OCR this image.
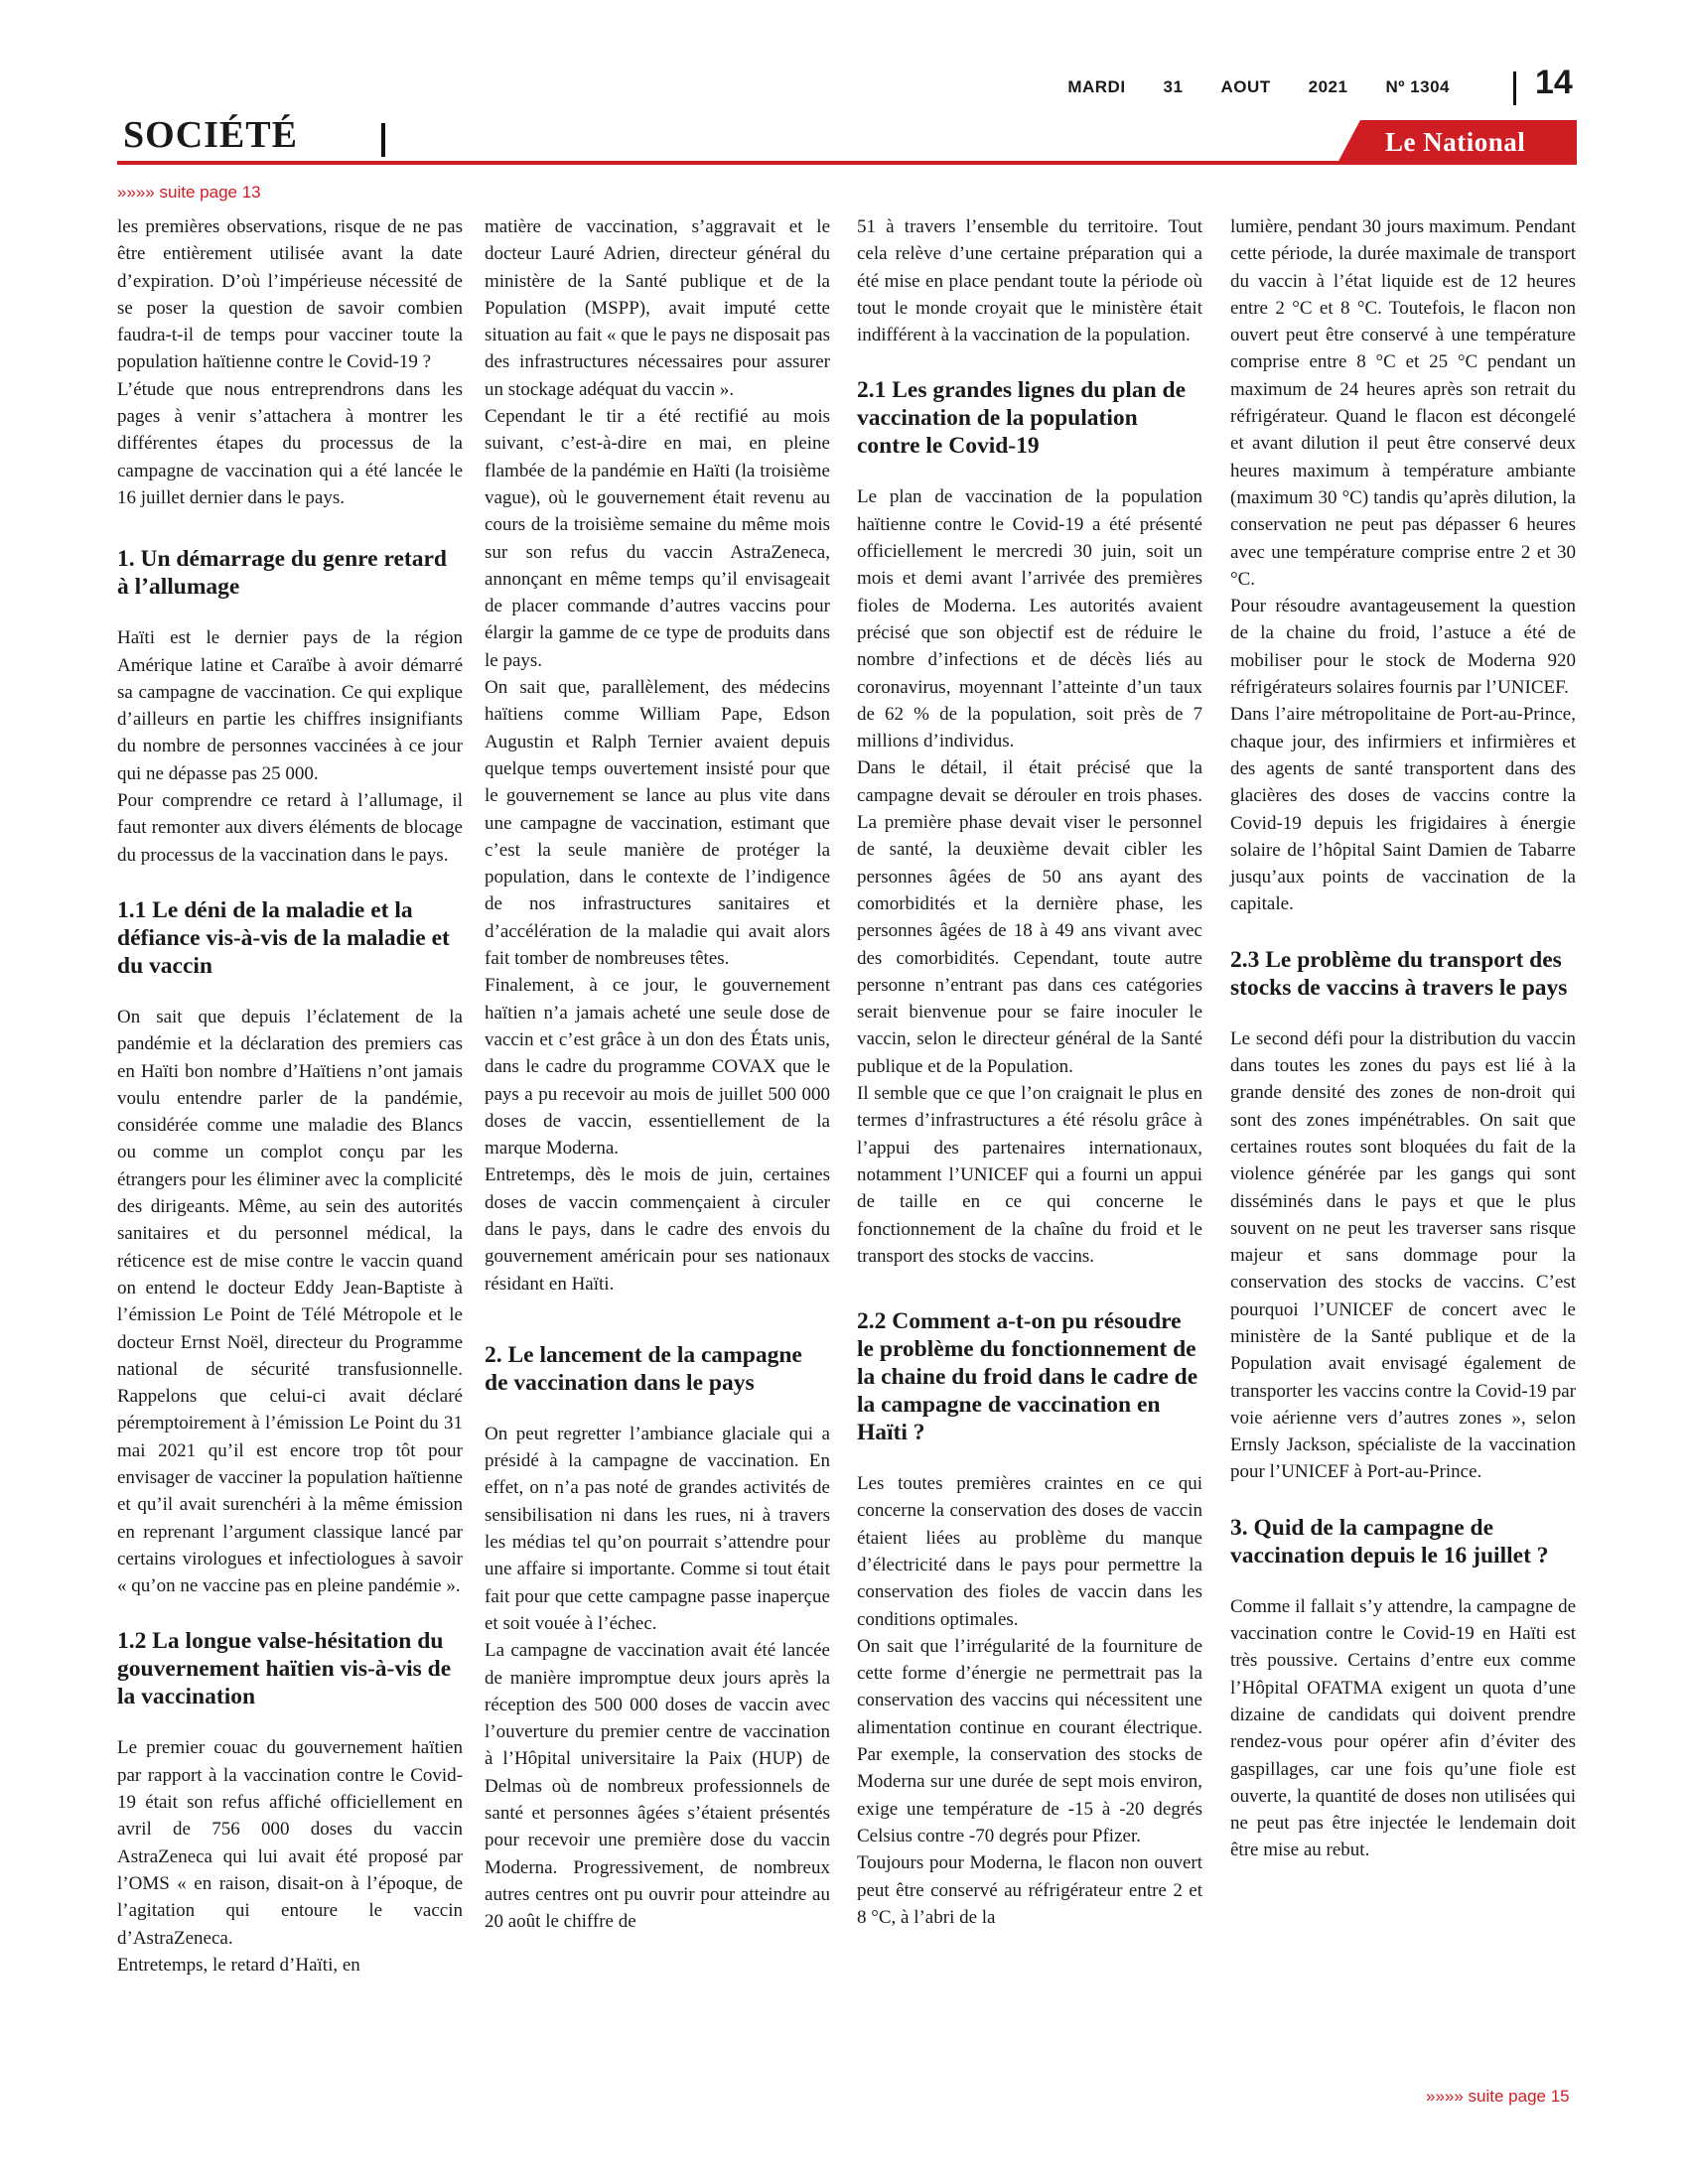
MARDI 31 AOUT 2021 Nº 1304	14
SOCIÉTÉ	Le National
»»»» suite page 13

les premières observations, risque de ne pas être entièrement utilisée avant la date d’expiration. D’où l’impérieuse nécessité de se poser la question de savoir combien faudra-t-il de temps pour vacciner toute la population haïtienne contre le Covid-19 ?

L’étude que nous entreprendrons dans les pages à venir s’attachera à montrer les différentes étapes du processus de la campagne de vaccination qui a été lancée le 16 juillet dernier dans le pays.

1. Un démarrage du genre retard à l’allumage

Haïti est le dernier pays de la région Amérique latine et Caraïbe à avoir démarré sa campagne de vaccination. Ce qui explique d’ailleurs en partie les chiffres insignifiants du nombre de personnes vaccinées à ce jour qui ne dépasse pas 25 000.

Pour comprendre ce retard à l’allumage, il faut remonter aux divers éléments de blocage du processus de la vaccination dans le pays.

1.1 Le déni de la maladie et la défiance vis-à-vis de la maladie et du vaccin

On sait que depuis l’éclatement de la pandémie et la déclaration des premiers cas en Haïti bon nombre d’Haïtiens n’ont jamais voulu entendre parler de la pandémie, considérée comme une maladie des Blancs ou comme un complot conçu par les étrangers pour les éliminer avec la complicité des dirigeants. Même, au sein des autorités sanitaires et du personnel médical, la réticence est de mise contre le vaccin quand on entend le docteur Eddy Jean-Baptiste à l’émission Le Point de Télé Métropole et le docteur Ernst Noël, directeur du Programme national de sécurité transfusionnelle. Rappelons que celui-ci avait déclaré péremptoirement à l’émission Le Point du 31 mai 2021 qu’il est encore trop tôt pour envisager de vacciner la population haïtienne et qu’il avait surenchéri à la même émission en reprenant l’argument classique lancé par certains virologues et infectiologues à savoir « qu’on ne vaccine pas en pleine pandémie ».

1.2 La longue valse-hésitation du gouvernement haïtien vis-à-vis de la vaccination

Le premier couac du gouvernement haïtien par rapport à la vaccination contre le Covid-19 était son refus affiché officiellement en avril de 756 000 doses du vaccin AstraZeneca qui lui avait été proposé par l’OMS « en raison, disait-on à l’époque, de l’agitation qui entoure le vaccin d’AstraZeneca.

Entretemps, le retard d’Haïti, en

matière de vaccination, s’aggravait et le docteur Lauré Adrien, directeur général du ministère de la Santé publique et de la Population (MSPP), avait imputé cette situation au fait « que le pays ne disposait pas des infrastructures nécessaires pour assurer un stockage adéquat du vaccin ».

Cependant le tir a été rectifié au mois suivant, c’est-à-dire en mai, en pleine flambée de la pandémie en Haïti (la troisième vague), où le gouvernement était revenu au cours de la troisième semaine du même mois sur son refus du vaccin AstraZeneca, annonçant en même temps qu’il envisageait de placer commande d’autres vaccins pour élargir la gamme de ce type de produits dans le pays.

On sait que, parallèlement, des médecins haïtiens comme William Pape, Edson Augustin et Ralph Ternier avaient depuis quelque temps ouvertement insisté pour que le gouvernement se lance au plus vite dans une campagne de vaccination, estimant que c’est la seule manière de protéger la population, dans le contexte de l’indigence de nos infrastructures sanitaires et d’accélération de la maladie qui avait alors fait tomber de nombreuses têtes.

Finalement, à ce jour, le gouvernement haïtien n’a jamais acheté une seule dose de vaccin et c’est grâce à un don des États unis, dans le cadre du programme COVAX que le pays a pu recevoir au mois de juillet 500 000 doses de vaccin, essentiellement de la marque Moderna.

Entretemps, dès le mois de juin, certaines doses de vaccin commençaient à circuler dans le pays, dans le cadre des envois du gouvernement américain pour ses nationaux résidant en Haïti.

2. Le lancement de la campagne de vaccination dans le pays

On peut regretter l’ambiance glaciale qui a présidé à la campagne de vaccination. En effet, on n’a pas noté de grandes activités de sensibilisation ni dans les rues, ni à travers les médias tel qu’on pourrait s’attendre pour une affaire si importante. Comme si tout était fait pour que cette campagne passe inaperçue et soit vouée à l’échec.

La campagne de vaccination avait été lancée de manière impromptue deux jours après la réception des 500 000 doses de vaccin avec l’ouverture du premier centre de vaccination à l’Hôpital universitaire la Paix (HUP) de Delmas où de nombreux professionnels de santé et personnes âgées s’étaient présentés pour recevoir une première dose du vaccin Moderna. Progressivement, de nombreux autres centres ont pu ouvrir pour atteindre au 20 août le chiffre de

51 à travers l’ensemble du territoire. Tout cela relève d’une certaine préparation qui a été mise en place pendant toute la période où tout le monde croyait que le ministère était indifférent à la vaccination de la population.

2.1 Les grandes lignes du plan de vaccination de la population contre le Covid-19

Le plan de vaccination de la population haïtienne contre le Covid-19 a été présenté officiellement le mercredi 30 juin, soit un mois et demi avant l’arrivée des premières fioles de Moderna. Les autorités avaient précisé que son objectif est de réduire le nombre d’infections et de décès liés au coronavirus, moyennant l’atteinte d’un taux de 62 % de la population, soit près de 7 millions d’individus.

Dans le détail, il était précisé que la campagne devait se dérouler en trois phases. La première phase devait viser le personnel de santé, la deuxième devait cibler les personnes âgées de 50 ans ayant des comorbidités et la dernière phase, les personnes âgées de 18 à 49 ans vivant avec des comorbidités. Cependant, toute autre personne n’entrant pas dans ces catégories serait bienvenue pour se faire inoculer le vaccin, selon le directeur général de la Santé publique et de la Population.

Il semble que ce que l’on craignait le plus en termes d’infrastructures a été résolu grâce à l’appui des partenaires internationaux, notamment l’UNICEF qui a fourni un appui de taille en ce qui concerne le fonctionnement de la chaîne du froid et le transport des stocks de vaccins.

2.2 Comment a-t-on pu résoudre le problème du fonctionnement de la chaine du froid dans le cadre de la campagne de vaccination en Haïti ?

Les toutes premières craintes en ce qui concerne la conservation des doses de vaccin étaient liées au problème du manque d’électricité dans le pays pour permettre la conservation des fioles de vaccin dans les conditions optimales.

On sait que l’irrégularité de la fourniture de cette forme d’énergie ne permettrait pas la conservation des vaccins qui nécessitent une alimentation continue en courant électrique. Par exemple, la conservation des stocks de Moderna sur une durée de sept mois environ, exige une température de -15 à -20 degrés Celsius contre -70 degrés pour Pfizer.

Toujours pour Moderna, le flacon non ouvert peut être conservé au réfrigérateur entre 2 et 8 °C, à l’abri de la

lumière, pendant 30 jours maximum. Pendant cette période, la durée maximale de transport du vaccin à l’état liquide est de 12 heures entre 2 °C et 8 °C. Toutefois, le flacon non ouvert peut être conservé à une température comprise entre 8 °C et 25 °C pendant un maximum de 24 heures après son retrait du réfrigérateur. Quand le flacon est décongelé et avant dilution il peut être conservé deux heures maximum à température ambiante (maximum 30 °C) tandis qu’après dilution, la conservation ne peut pas dépasser 6 heures avec une température comprise entre 2 et 30 °C.

Pour résoudre avantageusement la question de la chaine du froid, l’astuce a été de mobiliser pour le stock de Moderna 920 réfrigérateurs solaires fournis par l’UNICEF.

Dans l’aire métropolitaine de Port-au-Prince, chaque jour, des infirmiers et infirmières et des agents de santé transportent dans des glacières des doses de vaccins contre la Covid-19 depuis les frigidaires à énergie solaire de l’hôpital Saint Damien de Tabarre jusqu’aux points de vaccination de la capitale.

2.3 Le problème du transport des stocks de vaccins à travers le pays

Le second défi pour la distribution du vaccin dans toutes les zones du pays est lié à la grande densité des zones de non-droit qui sont des zones impénétrables. On sait que certaines routes sont bloquées du fait de la violence générée par les gangs qui sont disséminés dans le pays et que le plus souvent on ne peut les traverser sans risque majeur et sans dommage pour la conservation des stocks de vaccins. C’est pourquoi l’UNICEF de concert avec le ministère de la Santé publique et de la Population avait envisagé également de transporter les vaccins contre la Covid-19 par voie aérienne vers d’autres zones », selon Ernsly Jackson, spécialiste de la vaccination pour l’UNICEF à Port-au-Prince.

3. Quid de la campagne de vaccination depuis le 16 juillet ?

Comme il fallait s’y attendre, la campagne de vaccination contre le Covid-19 en Haïti est très poussive. Certains d’entre eux comme l’Hôpital OFATMA exigent un quota d’une dizaine de candidats qui doivent prendre rendez-vous pour opérer afin d’éviter des gaspillages, car une fois qu’une fiole est ouverte, la quantité de doses non utilisées qui ne peut pas être injectée le lendemain doit être mise au rebut.

»»»» suite page 15
